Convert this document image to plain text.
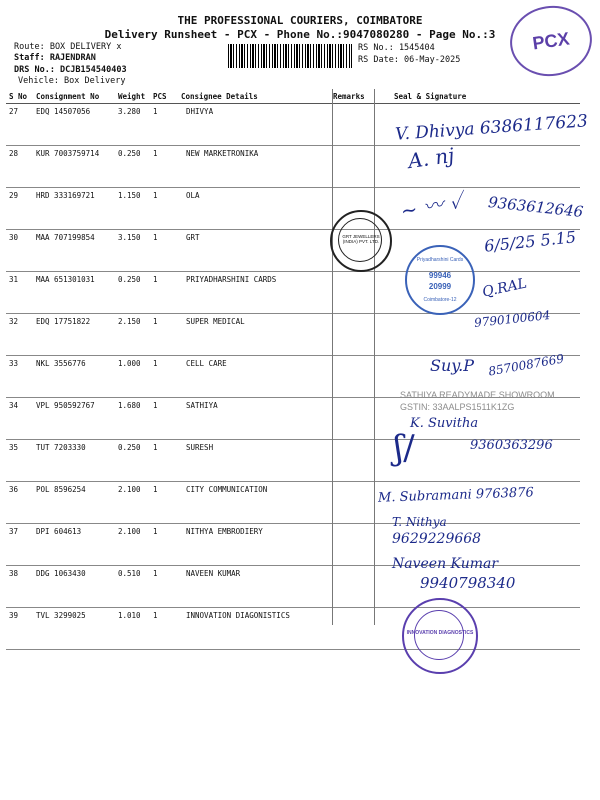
THE PROFESSIONAL COURIERS, COIMBATORE
Delivery Runsheet - PCX - Phone No.:9047080280 - Page No.:3
Route: BOX DELIVERY x
Staff: RAJENDRAN
DRS No.: DCJB154540403
Vehicle: Box Delivery
RS No.: 1545404
RS Date: 06-May-2025
PCX
S No	Consignment No	Weight	PCS	Consignee Details	Remarks	Seal & Signature
27	EDQ 14507056	3.280	1	DHIVYA		
28	KUR 7003759714	0.250	1	NEW MARKETRONIKA		
29	HRD 333169721	1.150	1	OLA		
30	MAA 707199854	3.150	1	GRT		
31	MAA 651301031	0.250	1	PRIYADHARSHINI CARDS		
32	EDQ 17751822	2.150	1	SUPER MEDICAL		
33	NKL 3556776	1.000	1	CELL CARE		
34	VPL 950592767	1.680	1	SATHIYA		
35	TUT 7203330	0.250	1	SURESH		
36	POL 8596254	2.100	1	CITY COMMUNICATION		
37	DPI 604613	2.100	1	NITHYA EMBRODIERY		
38	DDG 1063430	0.510	1	NAVEEN KUMAR		
39	TVL 3299025	1.010	1	INNOVATION DIAGONISTICS		
V. Dhivya 6386117623
A. nj
9363612646
~ 〰 ✓
6/5/25 5.15
Q.RAL
9790100604
Suy.P 8570087669
K. Suvitha
9360363296
ʃ∕
M. Subramani 9763876
T. Nithya
9629229668
Naveen Kumar
9940798340
GRT JEWELLERS (INDIA) PVT. LTD.
Priyadharshini Cards
99946
20999
Coimbatore-12
SATHIYA READYMADE SHOWROOM
GSTIN: 33AALPS1511K1ZG
INNOVATION DIAGNOSTICS
